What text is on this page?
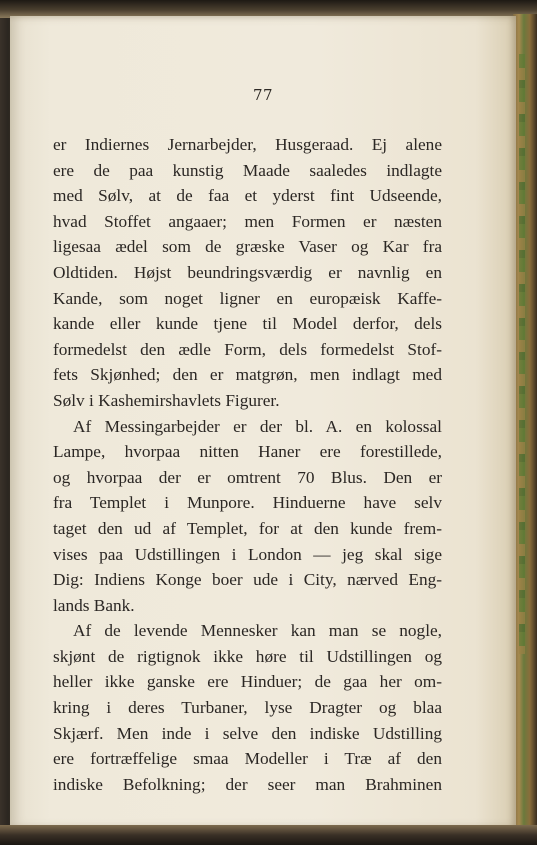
77
er Indiernes Jernarbejder, Husgeraad. Ej alene
ere de paa kunstig Maade saaledes indlagte
med Sølv, at de faa et yderst fint Udseende,
hvad Stoffet angaaer; men Formen er næsten
ligesaa ædel som de græske Vaser og Kar fra
Oldtiden. Højst beundringsværdig er navnlig en
Kande, som noget ligner en europæisk Kaffe-
kande eller kunde tjene til Model derfor, dels
formedelst den ædle Form, dels formedelst Stof-
fets Skjønhed; den er matgrøn, men indlagt med
Sølv i Kashemirshavlets Figurer.
Af Messingarbejder er der bl. A. en kolossal
Lampe, hvorpaa nitten Haner ere forestillede,
og hvorpaa der er omtrent 70 Blus. Den er
fra Templet i Munpore. Hinduerne have selv
taget den ud af Templet, for at den kunde frem-
vises paa Udstillingen i London — jeg skal sige
Dig: Indiens Konge boer ude i City, nærved Eng-
lands Bank.
Af de levende Mennesker kan man se nogle,
skjønt de rigtignok ikke høre til Udstillingen og
heller ikke ganske ere Hinduer; de gaa her om-
kring i deres Turbaner, lyse Dragter og blaa
Skjærf. Men inde i selve den indiske Udstilling
ere fortræffelige smaa Modeller i Træ af den
indiske Befolkning; der seer man Brahminen
